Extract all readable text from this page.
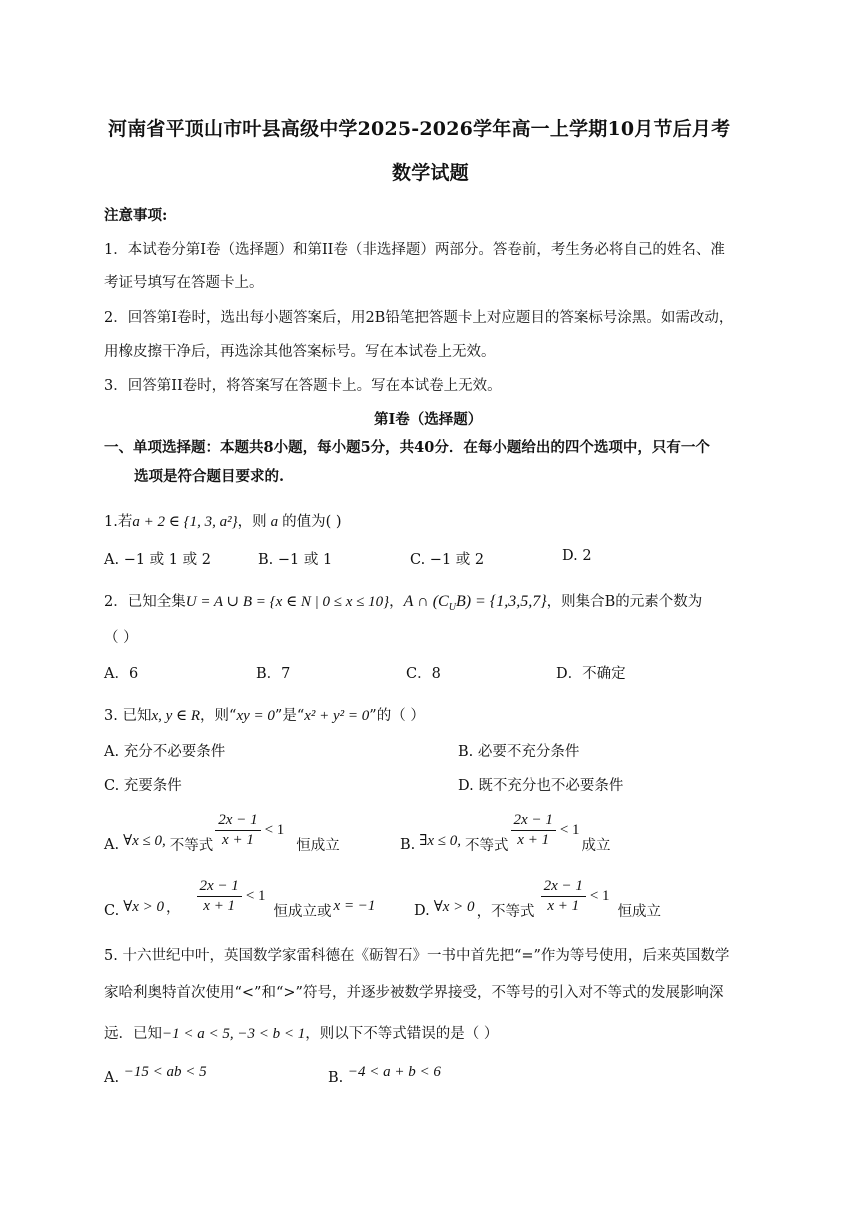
河南省平顶山市叶县高级中学2025-2026学年高一上学期10月节后月考
数学试题
注意事项:
1．本试卷分第I卷（选择题）和第II卷（非选择题）两部分。答卷前，考生务必将自己的姓名、准
考证号填写在答题卡上。
2．回答第I卷时，选出每小题答案后，用2B铅笔把答题卡上对应题目的答案标号涂黑。如需改动，
用橡皮擦干净后，再选涂其他答案标号。写在本试卷上无效。
3．回答第II卷时，将答案写在答题卡上。写在本试卷上无效。
第I卷（选择题）
一、单项选择题：本题共8小题，每小题5分，共40分．在每小题给出的四个选项中，只有一个
选项是符合题目要求的.
1.若a + 2 ∈ {1, 3, a²}，则 a 的值为( )
A. −1 或 1 或 2	B. −1 或 1	C. −1 或 2	D. 2
2．已知全集U = A ∪ B = {x ∈ N | 0 ≤ x ≤ 10}，A ∩ $(C_UB) = \{1,3,5,7\}$，则集合B的元素个数为
（ ）
A．6	B．7	C．8	D．不确定
3. 已知x, y ∈ R，则“xy = 0”是“x² + y² = 0”的（ ）
A. 充分不必要条件	B. 必要不充分条件
C. 充要条件	D. 既不充分也不必要条件
A. ∀x ≤ 0, 不等式 $\frac{2x - 1}{x + 1} < 1$
恒成立	B. ∃x ≤ 0, 不等式 $\frac{2x - 1}{x + 1} < 1$
成立
C. ∀x > 0 ， $\frac{2x - 1}{x + 1} < 1$
恒成立或 x = −1	D. ∀x > 0 ，不等式 $\frac{2x - 1}{x + 1} < 1$
恒成立
5. 十六世纪中叶，英国数学家雷科德在《砺智石》一书中首先把“=”作为等号使用，后来英国数学
家哈利奥特首次使用“<”和“>”符号，并逐步被数学界接受，不等号的引入对不等式的发展影响深
远．已知−1 < a < 5, −3 < b < 1，则以下不等式错误的是（ ）
A. −15 < ab < 5	B. −4 < a + b < 6
